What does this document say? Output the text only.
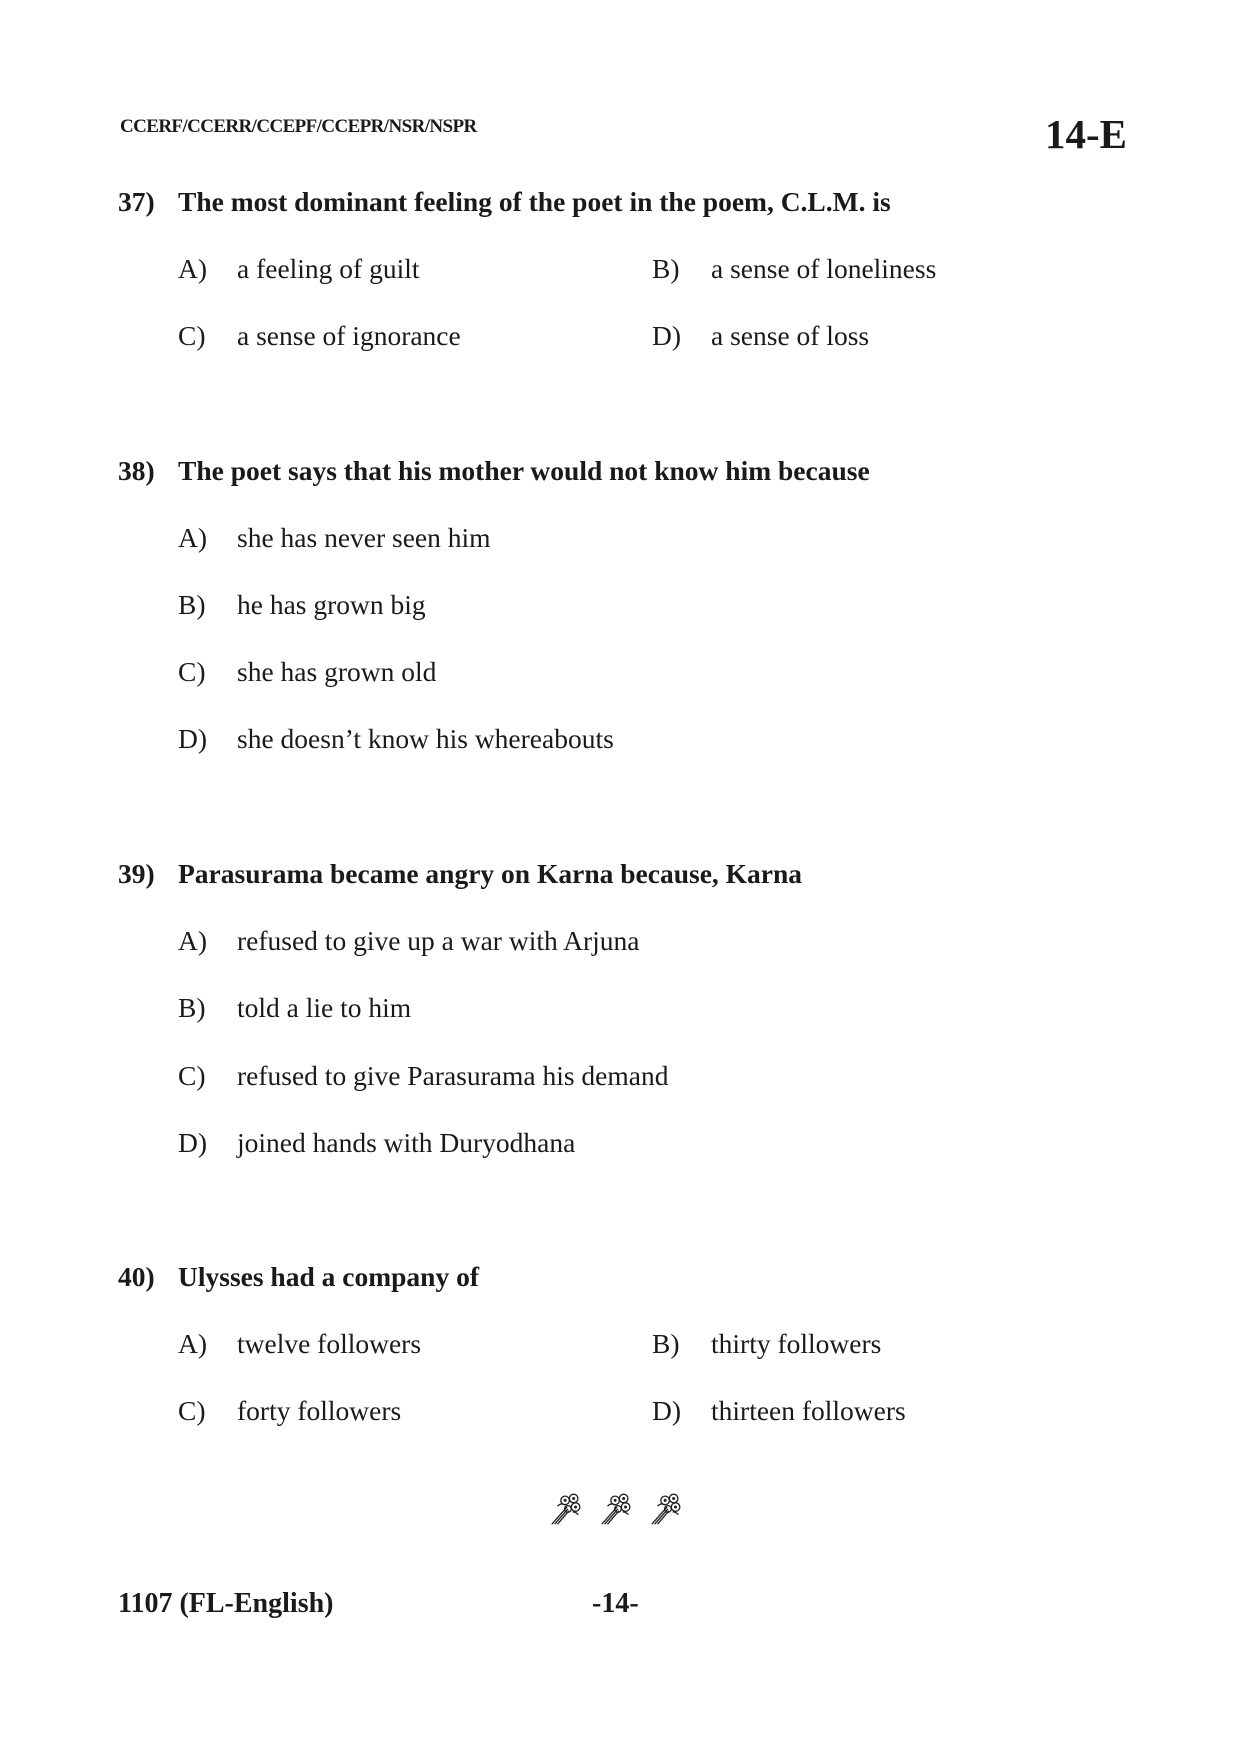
CCERF/CCERR/CCEPF/CCEPR/NSR/NSPR	14-E
37) The most dominant feeling of the poet in the poem, C.L.M. is
A) a feeling of guilt	B) a sense of loneliness
C) a sense of ignorance	D) a sense of loss
38) The poet says that his mother would not know him because
A) she has never seen him
B) he has grown big
C) she has grown old
D) she doesn’t know his whereabouts
39) Parasurama became angry on Karna because, Karna
A) refused to give up a war with Arjuna
B) told a lie to him
C) refused to give Parasurama his demand
D) joined hands with Duryodhana
40) Ulysses had a company of
A) twelve followers	B) thirty followers
C) forty followers	D) thirteen followers
1107 (FL-English)	-14-
